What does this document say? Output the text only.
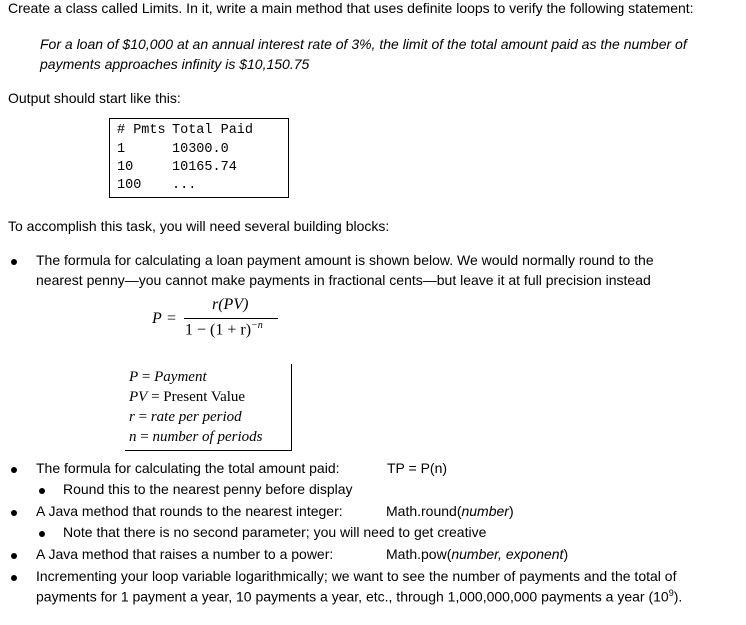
Create a class called Limits. In it, write a main method that uses definite loops to verify the following statement:
For a loan of $10,000 at an annual interest rate of 3%, the limit of the total amount paid as the number of
payments approaches infinity is $10,150.75
Output should start like this:
# Pmts Total Paid
1	10300.0
10	10165.74
100 ...
To accomplish this task, you will need several building blocks:
The formula for calculating a loan payment amount is shown below. We would normally round to the
nearest penny—you cannot make payments in fractional cents—but leave it at full precision instead
P =
r(PV)
$1 - (1 + r)^{-n}$
P = Payment
PV = Present Value
r = rate per period
n = number of periods
The formula for calculating the total amount paid:	TP = P(n)
Round this to the nearest penny before display
A Java method that rounds to the nearest integer:	Math.round(number)
Note that there is no second parameter; you will need to get creative
A Java method that raises a number to a power:	Math.pow(number, exponent)
Incrementing your loop variable logarithmically; we want to see the number of payments and the total of
payments for 1 payment a year, 10 payments a year, etc., through 1,000,000,000 payments a year $(10^9)$.
